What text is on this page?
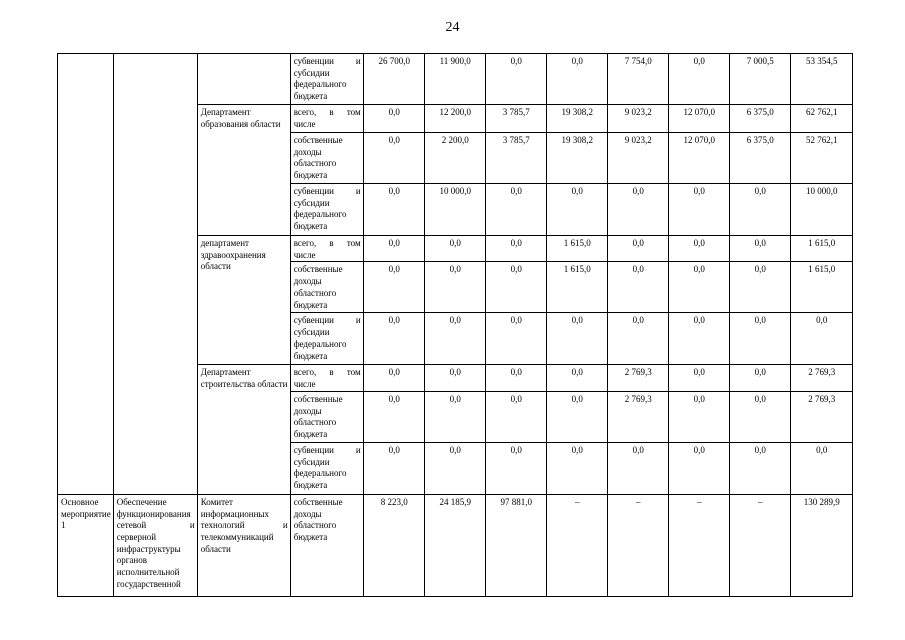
24
			субвенции и субсидии федерального бюджета	26 700,0	11 900,0	0,0	0,0	7 754,0	0,0	7 000,5	53 354,5
		Департамент образования области	всего, в том числе	0,0	12 200,0	3 785,7	19 308,2	9 023,2	12 070,0	6 375,0	62 762,1
			собственные доходы областного бюджета	0,0	2 200,0	3 785,7	19 308,2	9 023,2	12 070,0	6 375,0	52 762,1
			субвенции и субсидии федерального бюджета	0,0	10 000,0	0,0	0,0	0,0	0,0	0,0	10 000,0
		департамент здравоохранения области	всего, в том числе	0,0	0,0	0,0	1 615,0	0,0	0,0	0,0	1 615,0
			собственные доходы областного бюджета	0,0	0,0	0,0	1 615,0	0,0	0,0	0,0	1 615,0
			субвенции и субсидии федерального бюджета	0,0	0,0	0,0	0,0	0,0	0,0	0,0	0,0
		Департамент строительства области	всего, в том числе	0,0	0,0	0,0	0,0	2 769,3	0,0	0,0	2 769,3
			собственные доходы областного бюджета	0,0	0,0	0,0	0,0	2 769,3	0,0	0,0	2 769,3
			субвенции и субсидии федерального бюджета	0,0	0,0	0,0	0,0	0,0	0,0	0,0	0,0
Основное мероприятие 1	Обеспечение функционирования сетевой и серверной инфраструктуры органов исполнительной государственной	Комитет информационных технологий и телекоммуникаций области	собственные доходы областного бюджета	8 223,0	24 185,9	97 881,0	–	–	–	–	130 289,9
